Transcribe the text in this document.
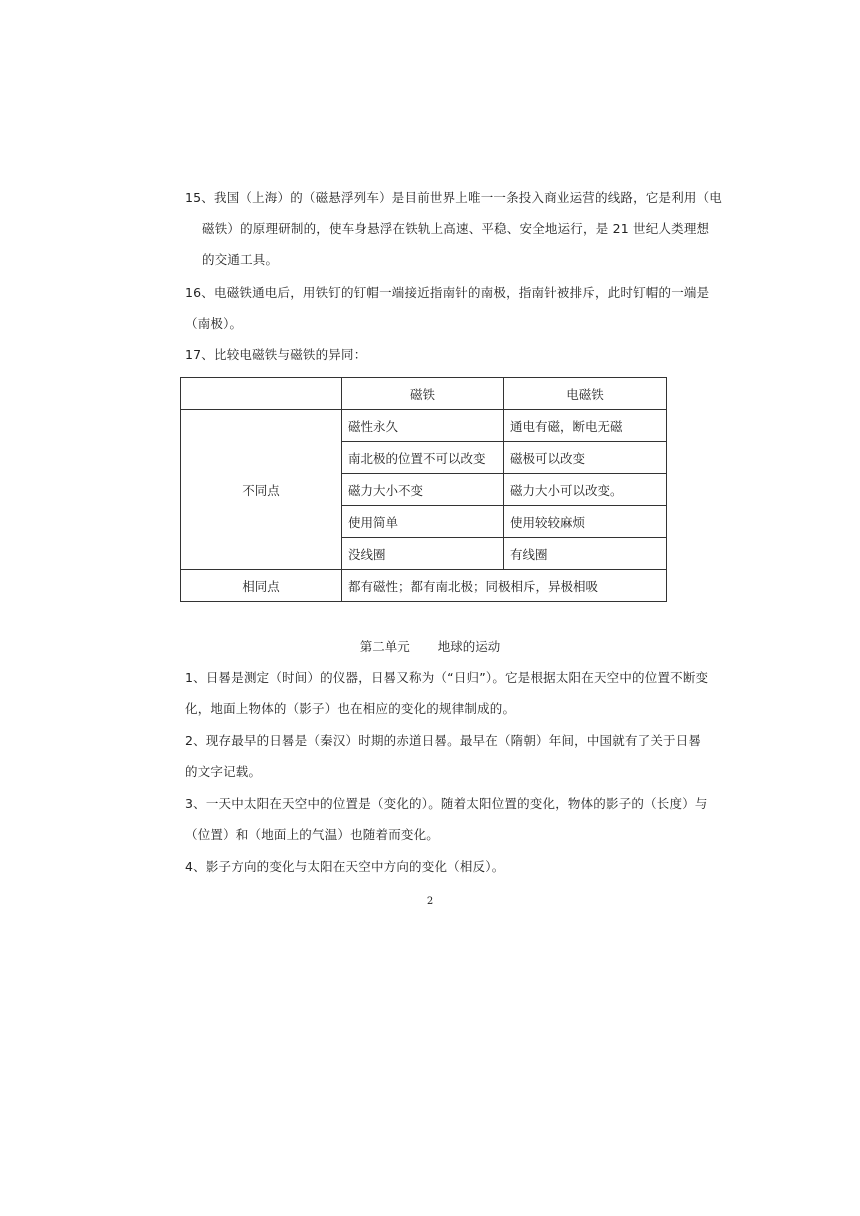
15、我国（上海）的（磁悬浮列车）是目前世界上唯一一条投入商业运营的线路，它是利用（电
磁铁）的原理研制的，使车身悬浮在铁轨上高速、平稳、安全地运行，是 21 世纪人类理想
的交通工具。
16、电磁铁通电后，用铁钉的钉帽一端接近指南针的南极，指南针被排斥，此时钉帽的一端是
（南极）。
17、比较电磁铁与磁铁的异同：
	磁铁	电磁铁
不同点	磁性永久	通电有磁，断电无磁
	南北极的位置不可以改变	磁极可以改变
	磁力大小不变	磁力大小可以改变。
	使用简单	使用较较麻烦
	没线圈	有线圈
相同点	都有磁性；都有南北极；同极相斥，异极相吸	
第二单元 地球的运动
1、日晷是测定（时间）的仪器，日晷又称为（“日归”）。它是根据太阳在天空中的位置不断变
化，地面上物体的（影子）也在相应的变化的规律制成的。
2、现存最早的日晷是（秦汉）时期的赤道日晷。最早在（隋朝）年间，中国就有了关于日晷
的文字记载。
3、一天中太阳在天空中的位置是（变化的）。随着太阳位置的变化，物体的影子的（长度）与
（位置）和（地面上的气温）也随着而变化。
4、影子方向的变化与太阳在天空中方向的变化（相反）。
2
